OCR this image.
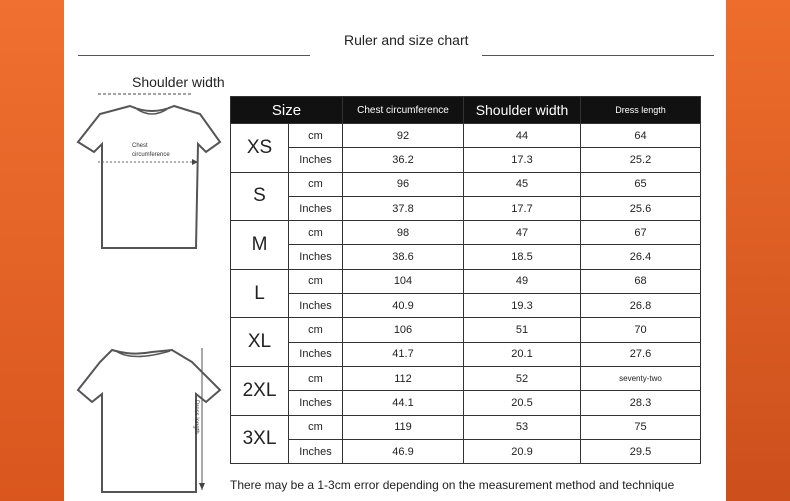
Ruler and size chart
Shoulder width
Chest circumference
Dress length
Size		Chest circumference	Shoulder width	Dress length
XS	cm	92	44	64
	Inches	36.2	17.3	25.2
S	cm	96	45	65
	Inches	37.8	17.7	25.6
M	cm	98	47	67
	Inches	38.6	18.5	26.4
L	cm	104	49	68
	Inches	40.9	19.3	26.8
XL	cm	106	51	70
	Inches	41.7	20.1	27.6
2XL	cm	112	52	seventy-two
	Inches	44.1	20.5	28.3
3XL	cm	119	53	75
	Inches	46.9	20.9	29.5
There may be a 1-3cm error depending on the measurement method and technique
